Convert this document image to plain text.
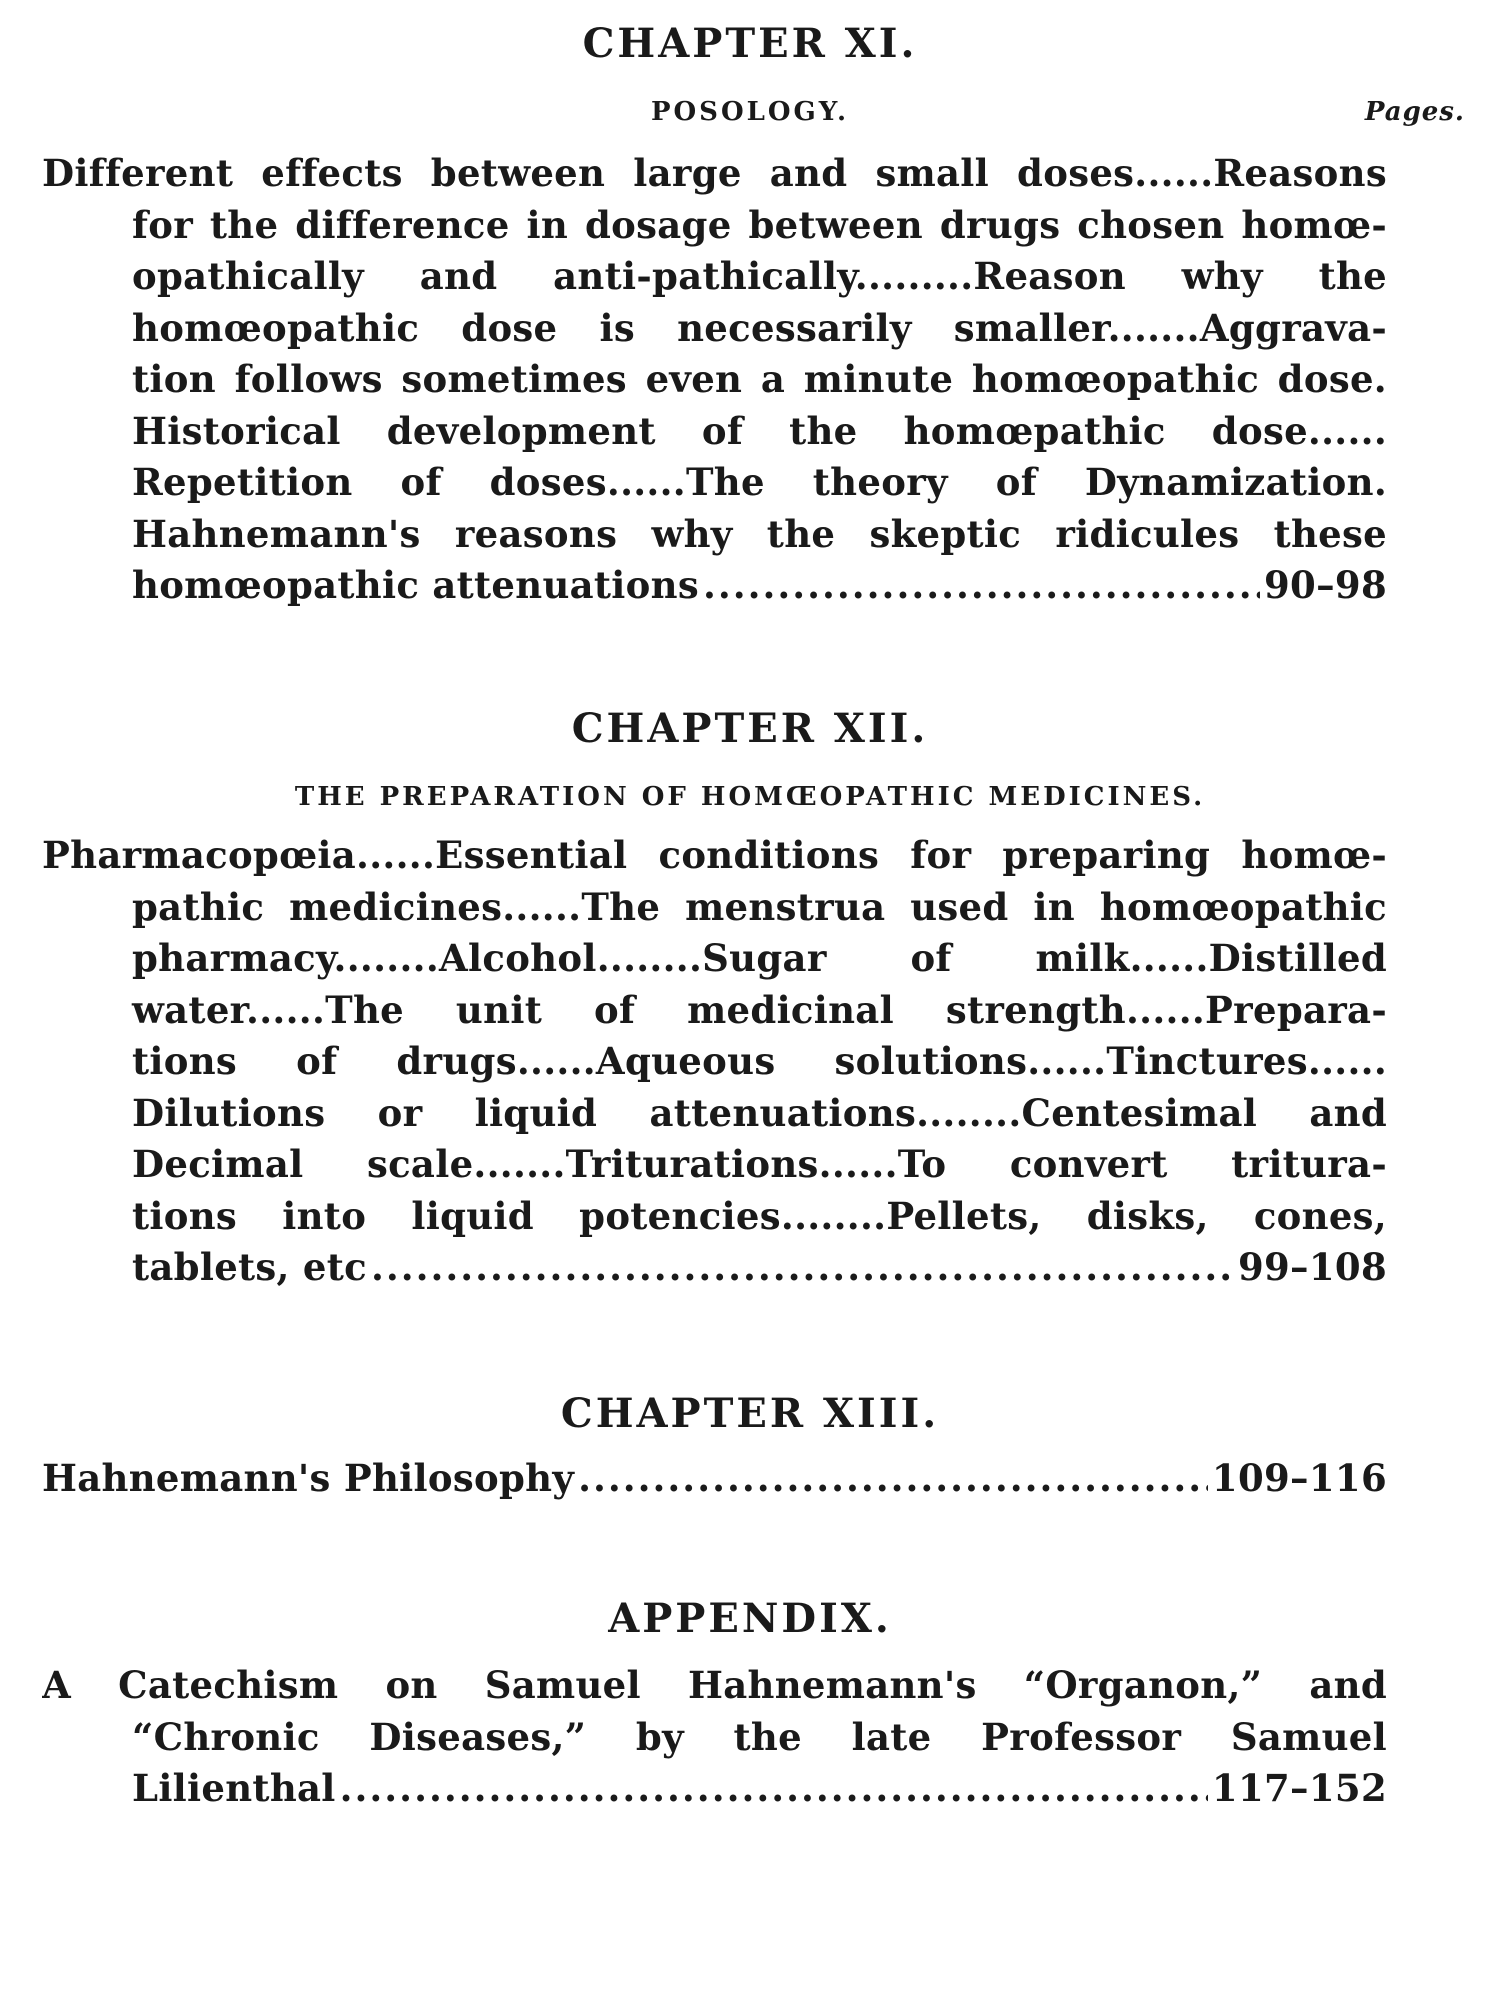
CHAPTER XI.
POSOLOGY.	Pages.
Different effects between large and small doses......Reasons
for the difference in dosage between drugs chosen homœ-
opathically and anti-pathically.........Reason why the
homœopathic dose is necessarily smaller.......Aggrava-
tion follows sometimes even a minute homœopathic dose.
Historical development of the homœpathic dose......
Repetition of doses......The theory of Dynamization.
Hahnemann's reasons why the skeptic ridicules these
homœopathic attenuations .....	90–98
CHAPTER XII.
THE PREPARATION OF HOMŒOPATHIC MEDICINES.
Pharmacopœia......Essential conditions for preparing homœ-
pathic medicines......The menstrua used in homœopathic
pharmacy........Alcohol........Sugar of milk......Distilled
water......The unit of medicinal strength......Prepara-
tions of drugs......Aqueous solutions......Tinctures......
Dilutions or liquid attenuations........Centesimal and
Decimal scale.......Triturations......To convert tritura-
tions into liquid potencies........Pellets, disks, cones,
tablets, etc .....	99–108
CHAPTER XIII.
Hahnemann's Philosophy .....	109–116
APPENDIX.
A Catechism on Samuel Hahnemann's “Organon,” and
“Chronic Diseases,” by the late Professor Samuel
Lilienthal .....	117–152
